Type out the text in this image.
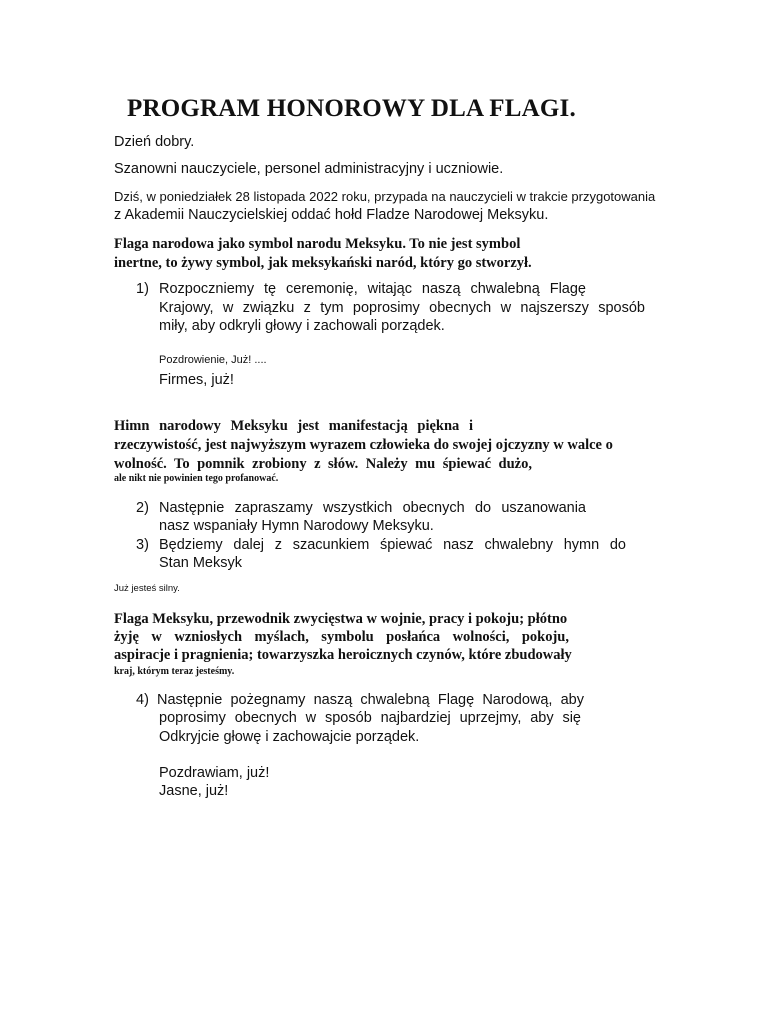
PROGRAM HONOROWY DLA FLAGI.
Dzień dobry.
Szanowni nauczyciele, personel administracyjny i uczniowie.
Dziś, w poniedziałek 28 listopada 2022 roku, przypada na nauczycieli w trakcie przygotowania
z Akademii Nauczycielskiej oddać hołd Fladze Narodowej Meksyku.
Flaga narodowa jako symbol narodu Meksyku. To nie jest symbol
inertne, to żywy symbol, jak meksykański naród, który go stworzył.
1) Rozpoczniemy tę ceremonię, witając naszą chwalebną Flagę
Krajowy, w związku z tym poprosimy obecnych w najszerszy sposób
miły, aby odkryli głowy i zachowali porządek.
Pozdrowienie, Już! ....
Firmes, już!
Himn narodowy Meksyku jest manifestacją piękna i
rzeczywistość, jest najwyższym wyrazem człowieka do swojej ojczyzny w walce o
wolność. To pomnik zrobiony z słów. Należy mu śpiewać dużo,
ale nikt nie powinien tego profanować.
2) Następnie zapraszamy wszystkich obecnych do uszanowania
nasz wspaniały Hymn Narodowy Meksyku.
3) Będziemy dalej z szacunkiem śpiewać nasz chwalebny hymn do
Stan Meksyk
Już jesteś silny.
Flaga Meksyku, przewodnik zwycięstwa w wojnie, pracy i pokoju; płótno
żyję w wzniosłych myślach, symbolu posłańca wolności, pokoju,
aspiracje i pragnienia; towarzyszka heroicznych czynów, które zbudowały
kraj, którym teraz jesteśmy.
4) Następnie pożegnamy naszą chwalebną Flagę Narodową, aby
poprosimy obecnych w sposób najbardziej uprzejmy, aby się
Odkryjcie głowę i zachowajcie porządek.
Pozdrawiam, już!
Jasne, już!
